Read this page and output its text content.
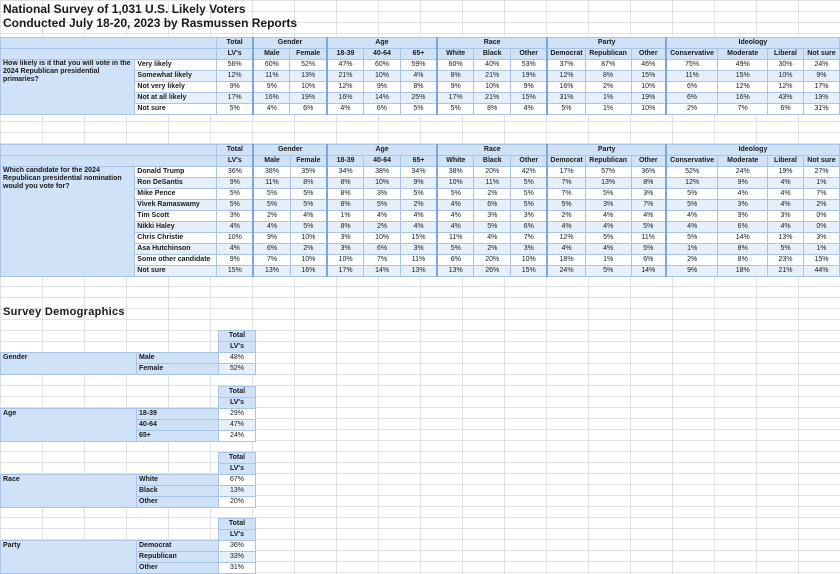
National Survey of 1,031 U.S. Likely Voters
Conducted July 18-20, 2023 by Rasmussen Reports
		Total	Gender		Age			Race			Party			Ideology			
		LV's	Male	Female	18-39	40-64	65+	White	Black	Other	Democrat	Republican	Other	Conservative	Moderate	Liberal	Not sure
How likely is it that you will vote in the 2024 Republican presidential primaries?	Very likely	56%	60%	52%	47%	60%	59%	60%	40%	53%	37%	87%	46%	75%	49%	30%	24%
	Somewhat likely	12%	11%	13%	21%	10%	4%	8%	21%	19%	12%	8%	15%	11%	15%	10%	9%
	Not very likely	9%	9%	10%	12%	9%	8%	9%	10%	9%	16%	2%	10%	6%	12%	12%	17%
	Not at all likely	17%	16%	19%	16%	14%	25%	17%	21%	15%	31%	1%	19%	6%	16%	43%	19%
	Not sure	5%	4%	6%	4%	6%	5%	5%	8%	4%	5%	1%	10%	2%	7%	6%	31%
		Total	Gender		Age			Race			Party			Ideology			
		LV's	Male	Female	18-39	40-64	65+	White	Black	Other	Democrat	Republican	Other	Conservative	Moderate	Liberal	Not sure
Which candidate for the 2024 Republican presidential nomination would you vote for?	Donald Trump	36%	38%	35%	34%	38%	34%	38%	20%	42%	17%	57%	36%	52%	24%	19%	27%
	Ron DeSantis	9%	11%	8%	8%	10%	9%	10%	11%	5%	7%	13%	8%	12%	9%	4%	1%
	Mike Pence	5%	5%	5%	8%	3%	5%	5%	2%	5%	7%	5%	3%	5%	4%	4%	7%
	Vivek Ramaswamy	5%	5%	5%	8%	5%	2%	4%	6%	5%	5%	3%	7%	5%	3%	4%	2%
	Tim Scott	3%	2%	4%	1%	4%	4%	4%	3%	3%	2%	4%	4%	4%	3%	3%	0%
	Nikki Haley	4%	4%	5%	8%	2%	4%	4%	5%	6%	4%	4%	5%	4%	6%	4%	0%
	Chris Christie	10%	9%	10%	3%	10%	15%	11%	4%	7%	12%	5%	11%	5%	14%	13%	3%
	Asa Hutchinson	4%	6%	2%	3%	6%	3%	5%	2%	3%	4%	4%	5%	1%	8%	5%	1%
	Some other candidate	9%	7%	10%	10%	7%	11%	6%	20%	10%	18%	1%	6%	2%	8%	23%	15%
	Not sure	15%	13%	16%	17%	14%	13%	13%	26%	15%	24%	5%	14%	9%	18%	21%	44%
Survey Demographics
		Total
		LV's
Gender	Male	48%
	Female	52%
		Total
		LV's
Age	18-39	29%
	40-64	47%
	65+	24%
		Total
		LV's
Race	White	67%
	Black	13%
	Other	20%
		Total
		LV's
Party	Democrat	36%
	Republican	33%
	Other	31%
